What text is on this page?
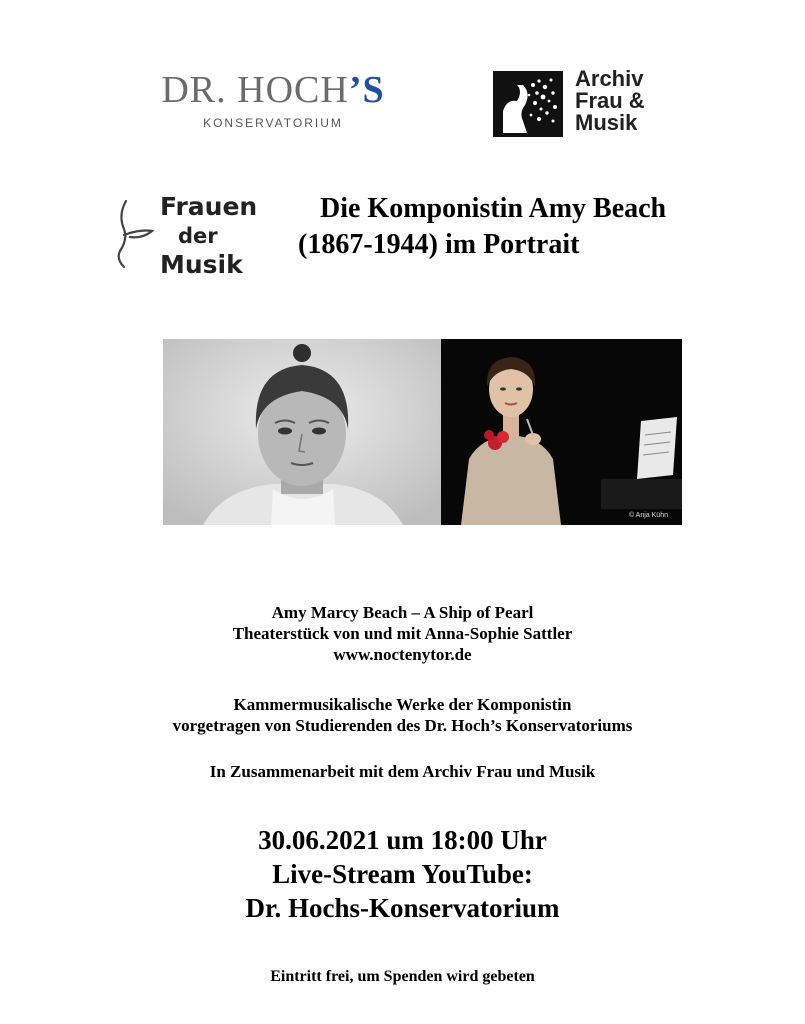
DR. HOCH’S
KONSERVATORIUM
Archiv
Frau &
Musik
Frauen
der
Musik
Die Komponistin Amy Beach
(1867-1944) im Portrait
© Anja Kühn
Amy Marcy Beach – A Ship of Pearl
Theaterstück von und mit Anna-Sophie Sattler
www.noctenytor.de
Kammermusikalische Werke der Komponistin
vorgetragen von Studierenden des Dr. Hoch’s Konservatoriums
In Zusammenarbeit mit dem Archiv Frau und Musik
30.06.2021 um 18:00 Uhr
Live-Stream YouTube:
Dr. Hochs-Konservatorium
Eintritt frei, um Spenden wird gebeten
